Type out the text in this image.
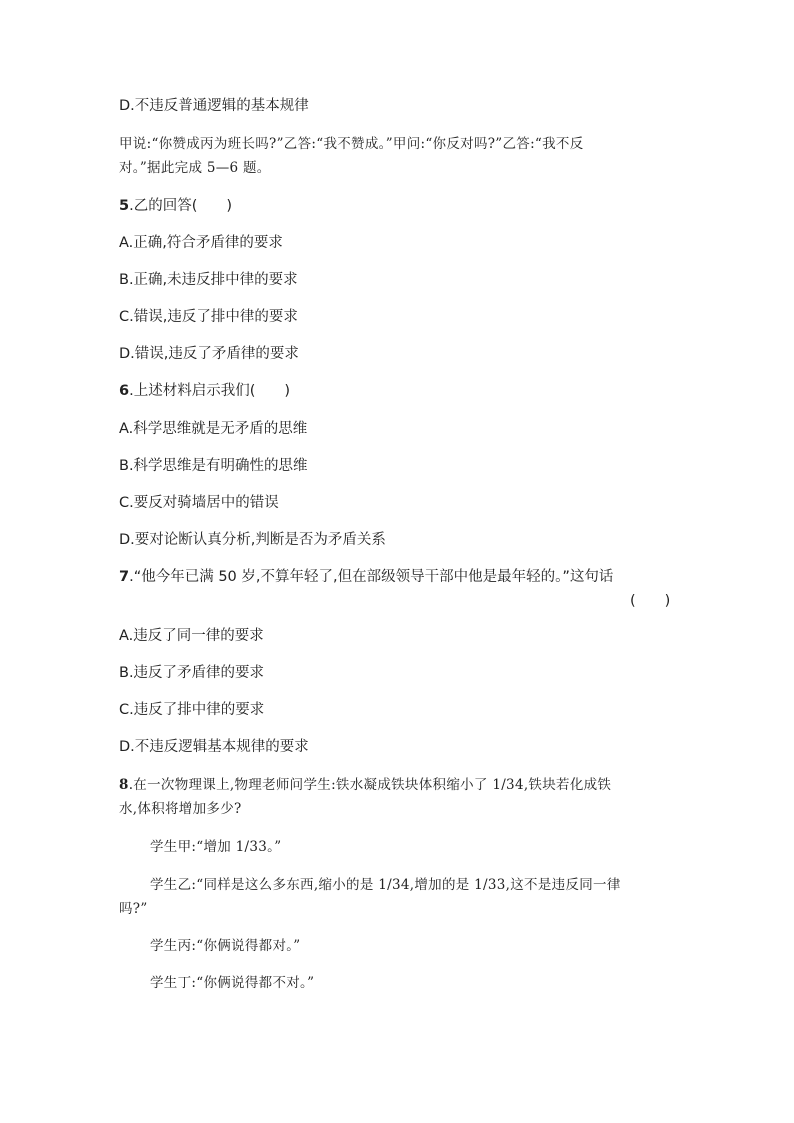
D.不违反普通逻辑的基本规律
甲说:“你赞成丙为班长吗?”乙答:“我不赞成。”甲问:“你反对吗?”乙答:“我不反
对。”据此完成 5—6 题。
5.乙的回答(　　)
A.正确,符合矛盾律的要求
B.正确,未违反排中律的要求
C.错误,违反了排中律的要求
D.错误,违反了矛盾律的要求
6.上述材料启示我们(　　)
A.科学思维就是无矛盾的思维
B.科学思维是有明确性的思维
C.要反对骑墙居中的错误
D.要对论断认真分析,判断是否为矛盾关系
7.“他今年已满 50 岁,不算年轻了,但在部级领导干部中他是最年轻的。”这句话
(　　)
A.违反了同一律的要求
B.违反了矛盾律的要求
C.违反了排中律的要求
D.不违反逻辑基本规律的要求
8.在一次物理课上,物理老师问学生:铁水凝成铁块体积缩小了 1/34,铁块若化成铁
水,体积将增加多少?
学生甲:“增加 1/33。”
学生乙:“同样是这么多东西,缩小的是 1/34,增加的是 1/33,这不是违反同一律
吗?”
学生丙:“你俩说得都对。”
学生丁:“你俩说得都不对。”
